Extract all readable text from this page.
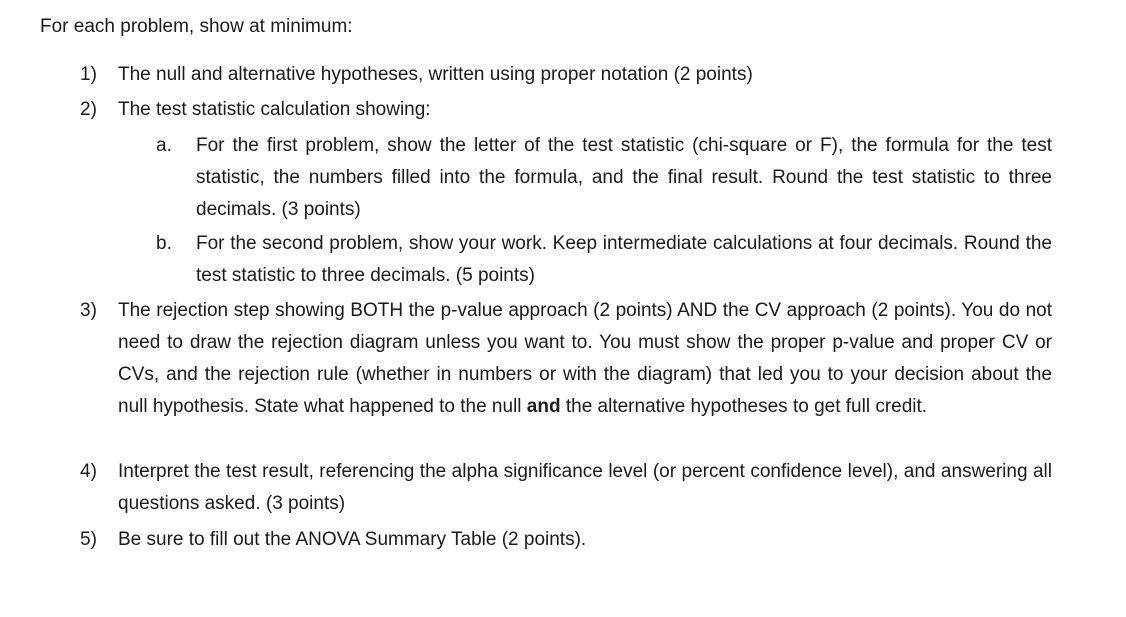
For each problem, show at minimum:
1)	The null and alternative hypotheses, written using proper notation (2 points)
2)	The test statistic calculation showing:
a.	For the first problem, show the letter of the test statistic (chi-square or F), the formula for the test statistic, the numbers filled into the formula, and the final result. Round the test statistic to three decimals. (3 points)
b.	For the second problem, show your work. Keep intermediate calculations at four decimals. Round the test statistic to three decimals. (5 points)
3)	The rejection step showing BOTH the p-value approach (2 points) AND the CV approach (2 points). You do not need to draw the rejection diagram unless you want to. You must show the proper p-value and proper CV or CVs, and the rejection rule (whether in numbers or with the diagram) that led you to your decision about the null hypothesis. State what happened to the null and the alternative hypotheses to get full credit.
4)	Interpret the test result, referencing the alpha significance level (or percent confidence level), and answering all questions asked. (3 points)
5)	Be sure to fill out the ANOVA Summary Table (2 points).
